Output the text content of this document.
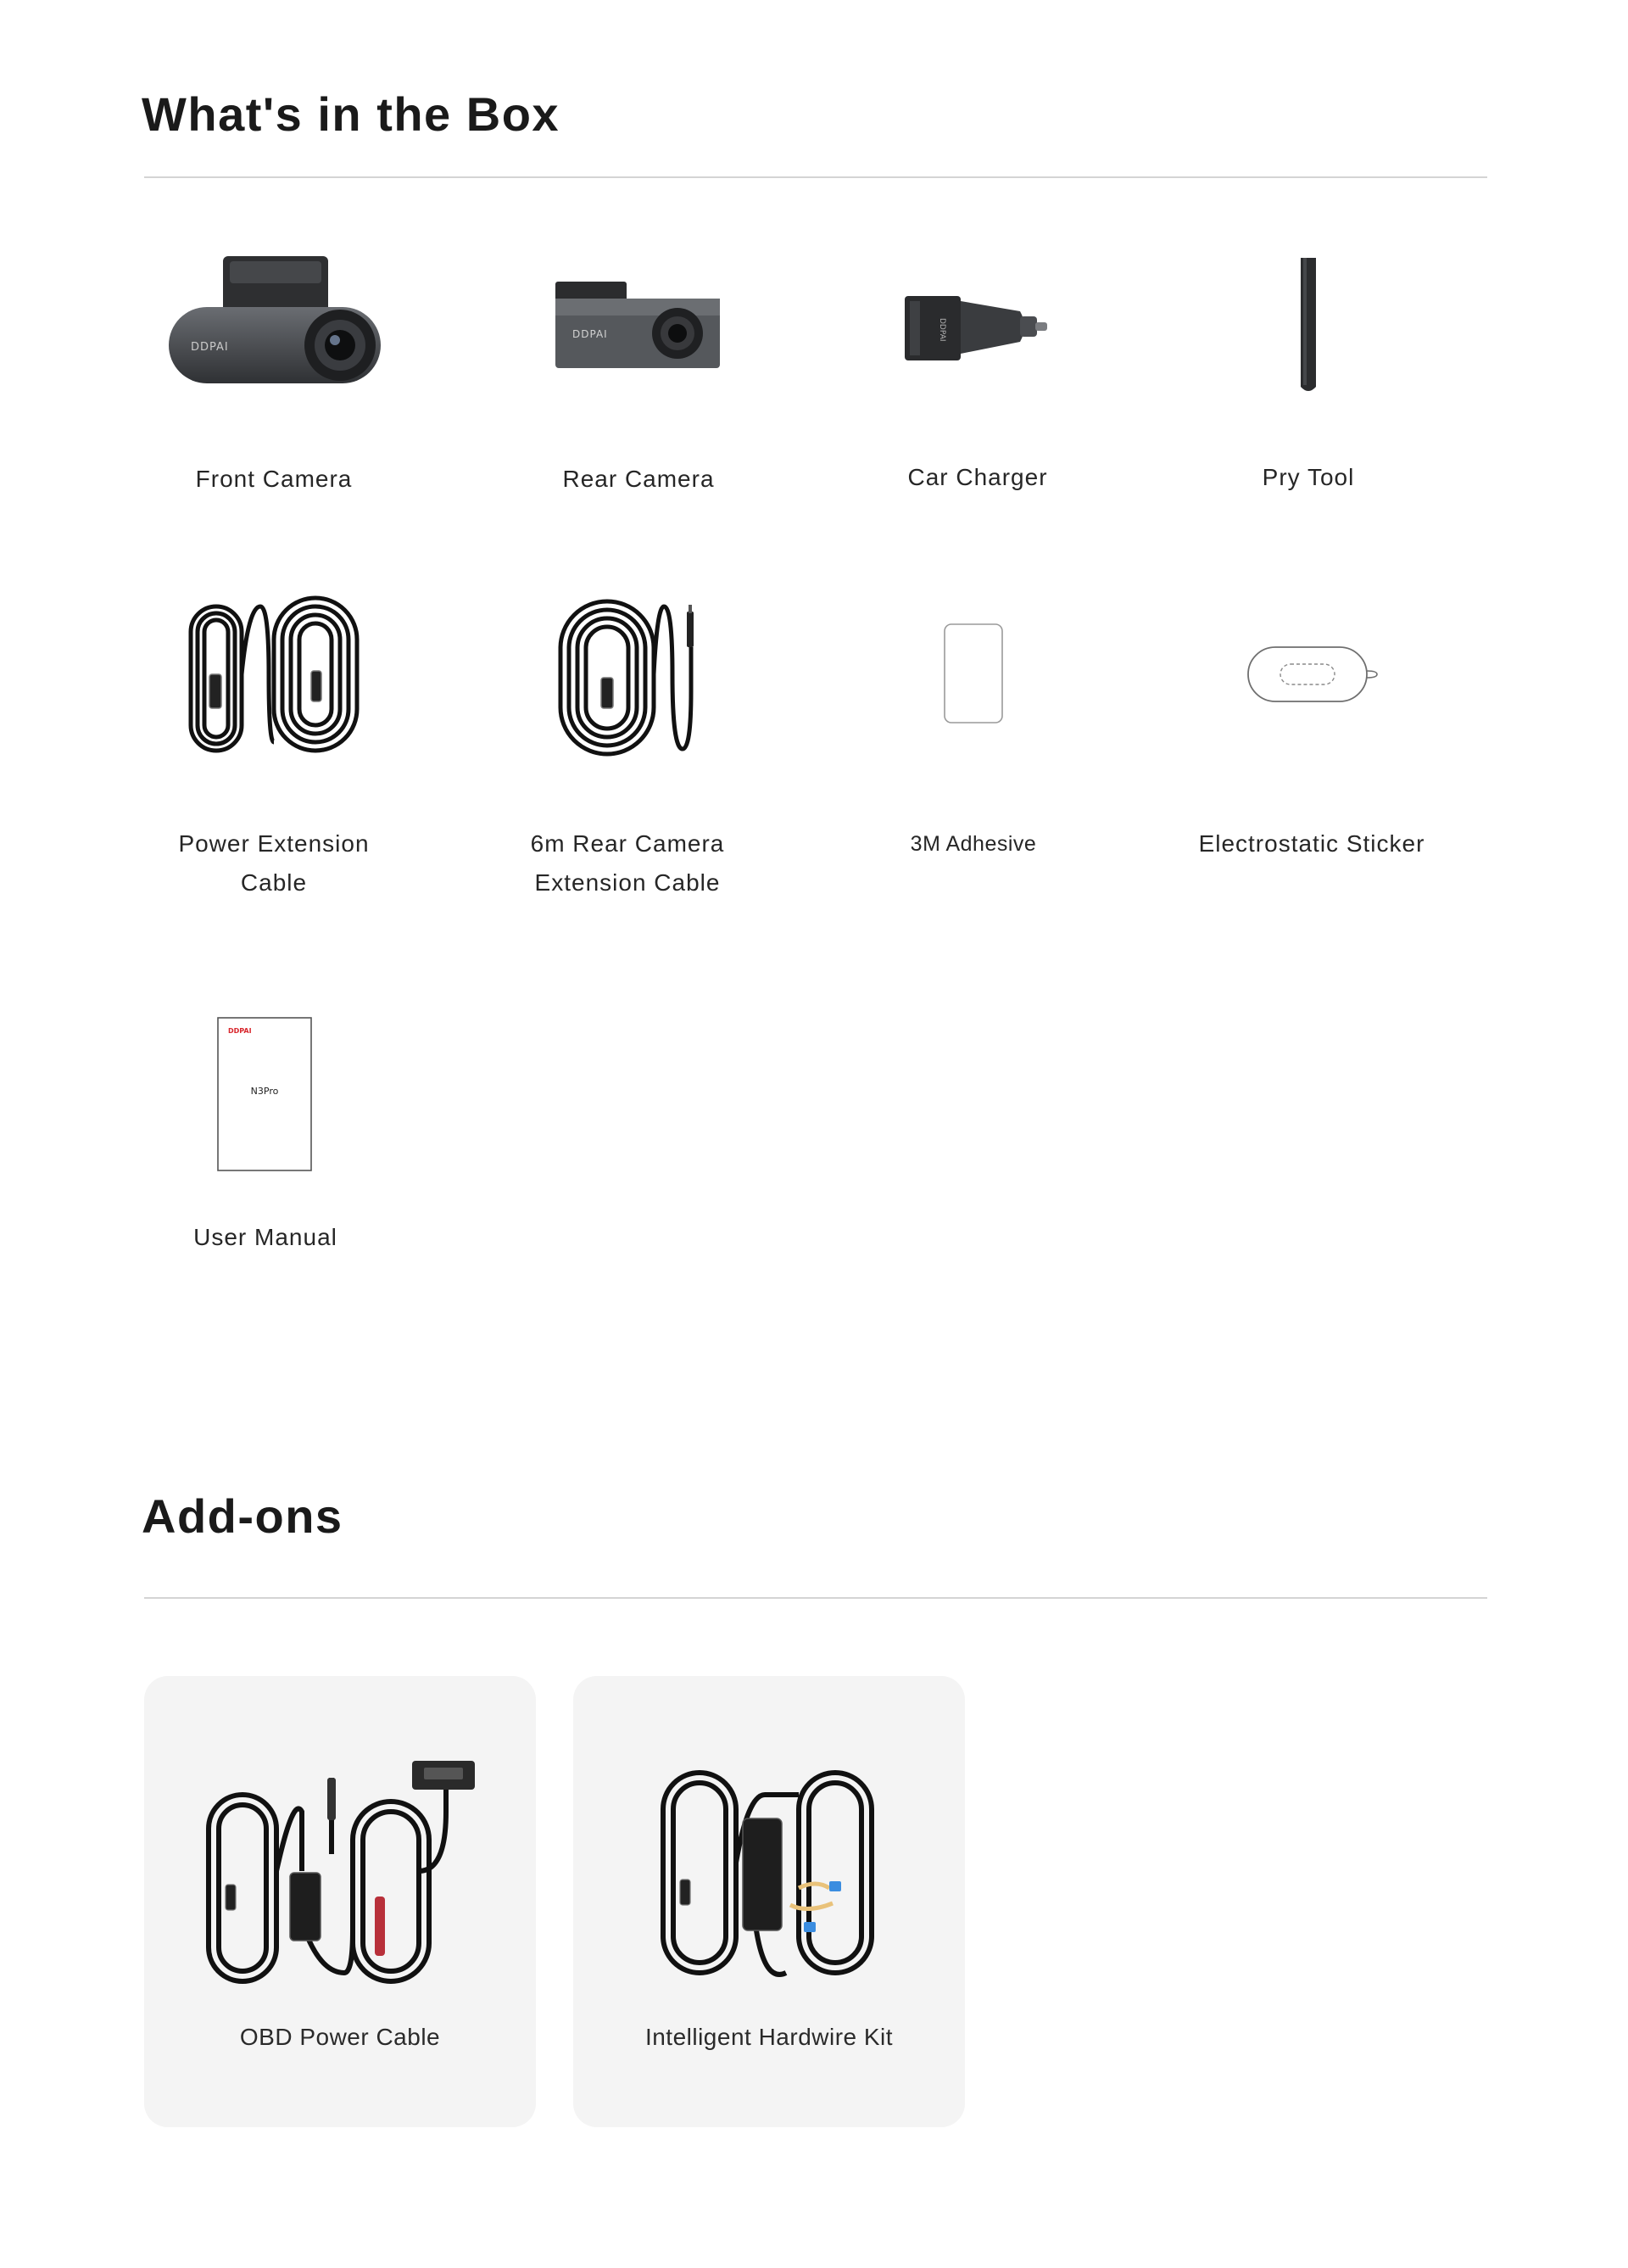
What's in the Box
DDPAI
Front Camera
DDPAI
Rear Camera
DDPAI
Car Charger	Pry Tool
Power Extension
Cable
6m Rear Camera
Extension Cable
3M Adhesive	Electrostatic Sticker
DDPAI
N3Pro
User Manual
Add-ons
OBD Power Cable	Intelligent Hardwire Kit
